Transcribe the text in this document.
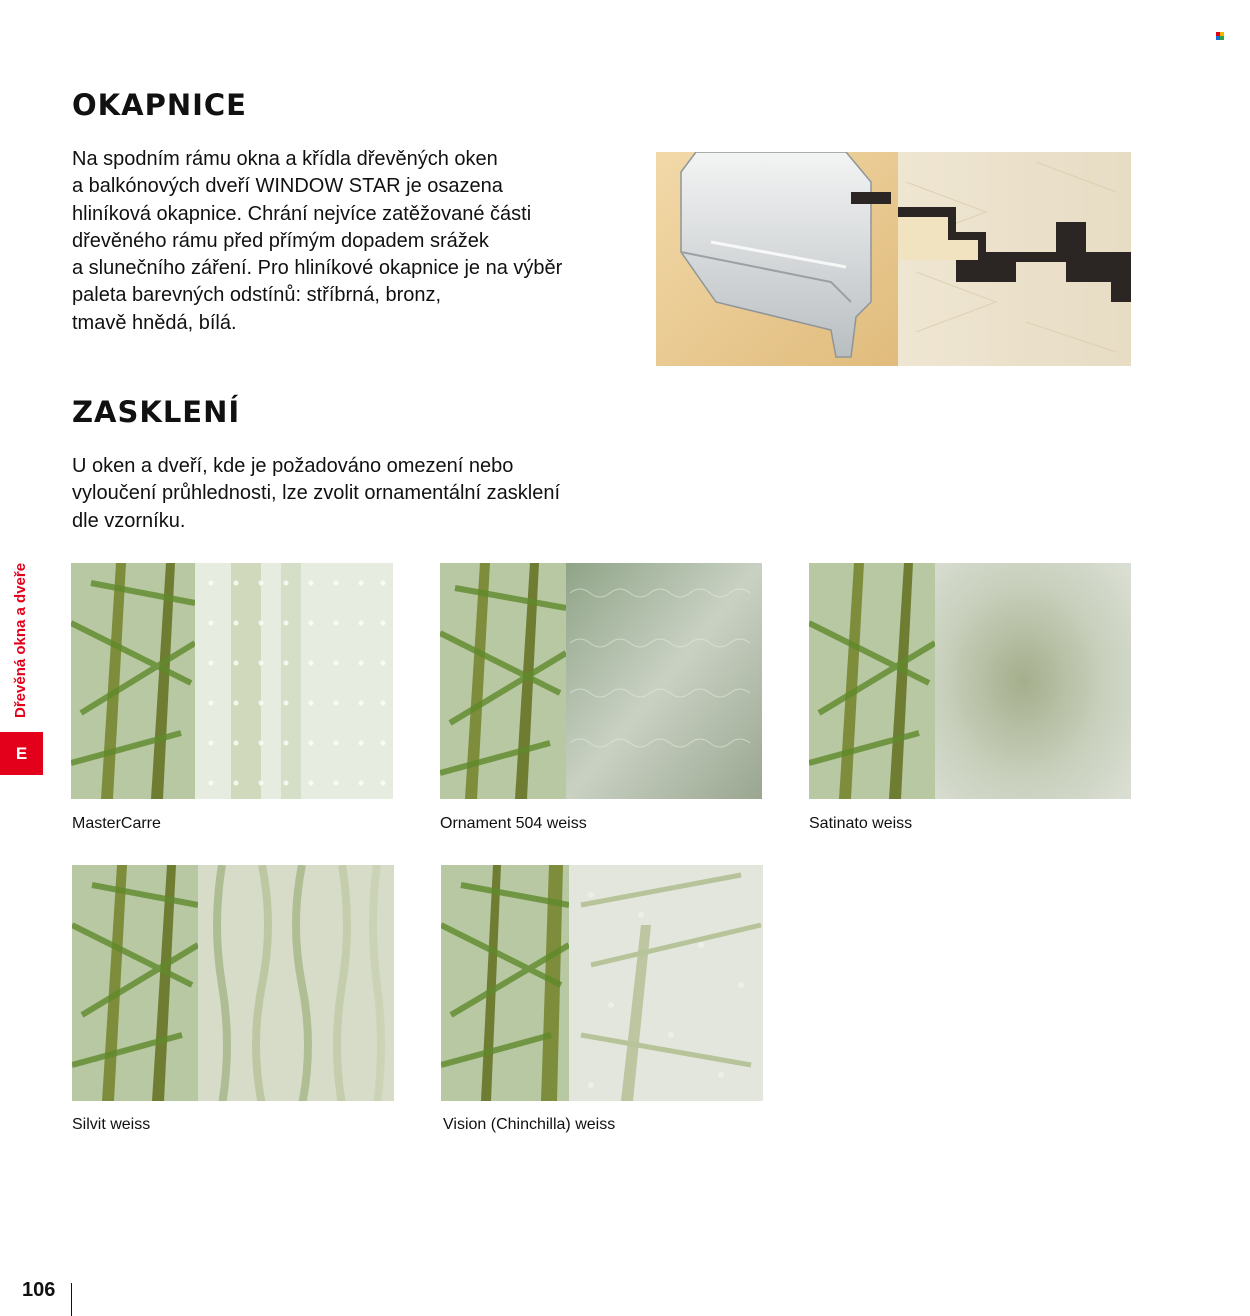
OKAPNICE

Na spodním rámu okna a křídla dřevěných oken

a balkónových dveří WINDOW STAR je osazena

hliníková okapnice. Chrání nejvíce zatěžované části

dřevěného rámu před přímým dopadem srážek

a slunečního záření. Pro hliníkové okapnice je na výběr

paleta barevných odstínů: stříbrná, bronz,

tmavě hnědá, bílá.

ZASKLENÍ

U oken a dveří, kde je požadováno omezení nebo

vyloučení průhlednosti, lze zvolit ornamentální zasklení

dle vzorníku.

MasterCarre	Ornament 504 weiss	Satinato weiss

Silvit weiss	Vision (Chinchilla) weiss

Dřevěná okna a dveře
E
106
